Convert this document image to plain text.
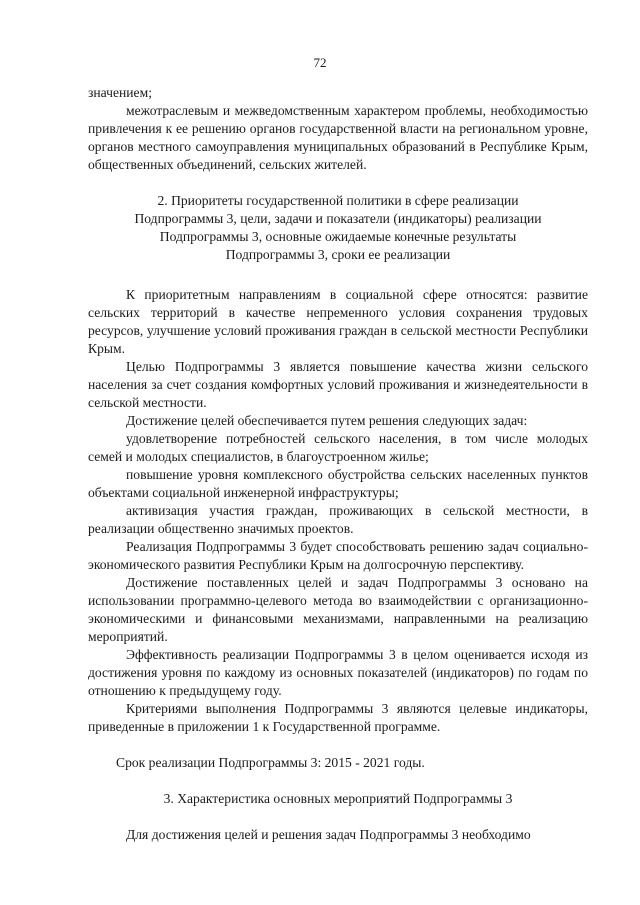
72

значением;

межотраслевым и межведомственным характером проблемы, необходимостью привлечения к ее решению органов государственной власти на региональном уровне, органов местного самоуправления муниципальных образований в Республике Крым, общественных объединений, сельских жителей.

2. Приоритеты государственной политики в сфере реализации Подпрограммы 3, цели, задачи и показатели (индикаторы) реализации Подпрограммы 3, основные ожидаемые конечные результаты Подпрограммы 3, сроки ее реализации

К приоритетным направлениям в социальной сфере относятся: развитие сельских территорий в качестве непременного условия сохранения трудовых ресурсов, улучшение условий проживания граждан в сельской местности Республики Крым.

Целью Подпрограммы 3 является повышение качества жизни сельского населения за счет создания комфортных условий проживания и жизнедеятельности в сельской местности.

Достижение целей обеспечивается путем решения следующих задач:

удовлетворение потребностей сельского населения, в том числе молодых семей и молодых специалистов, в благоустроенном жилье;

повышение уровня комплексного обустройства сельских населенных пунктов объектами социальной инженерной инфраструктуры;

активизация участия граждан, проживающих в сельской местности, в реализации общественно значимых проектов.

Реализация Подпрограммы 3 будет способствовать решению задач социально-экономического развития Республики Крым на долгосрочную перспективу.

Достижение поставленных целей и задач Подпрограммы 3 основано на использовании программно-целевого метода во взаимодействии с организационно-экономическими и финансовыми механизмами, направленными на реализацию мероприятий.

Эффективность реализации Подпрограммы 3 в целом оценивается исходя из достижения уровня по каждому из основных показателей (индикаторов) по годам по отношению к предыдущему году.

Критериями выполнения Подпрограммы 3 являются целевые индикаторы, приведенные в приложении 1 к Государственной программе.

Срок реализации Подпрограммы 3: 2015 - 2021 годы.

3. Характеристика основных мероприятий Подпрограммы 3

Для достижения целей и решения задач Подпрограммы 3 необходимо
